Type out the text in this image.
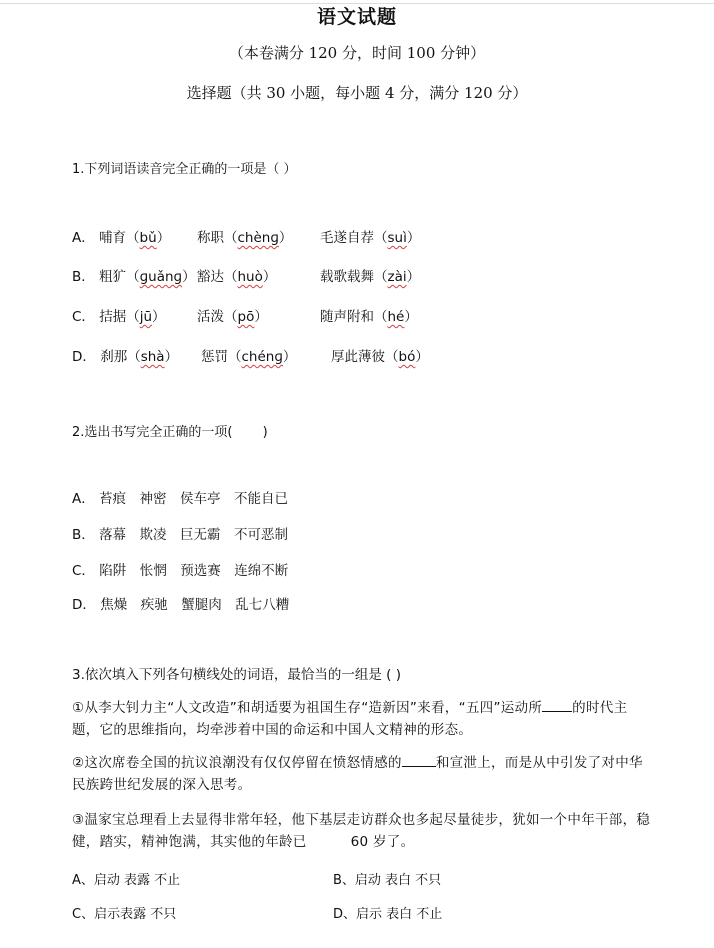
语文试题
（本卷满分 120 分，时间 100 分钟）
选择题（共 30 小题，每小题 4 分，满分 120 分）
1.下列词语读音完全正确的一项是（ ）
A． 哺育（bǔ） 称职（chènɡ） 毛遂自荐（suì）
B． 粗犷（ɡuǎnɡ） 豁达（huò）	载歌载舞（zài）
C． 拮据（jū） 活泼（pō）	随声附和（hé）
D． 刹那（shà） 惩罚（chénɡ）	厚此薄彼（bó）
2.选出书写完全正确的一项(　　 )
A． 苔痕　神密　侯车亭　不能自已
B． 落幕　欺凌　巨无霸　不可恶制
C． 陷阱　怅惘　预选赛　连绵不断
D． 焦燥　疾驰　蟹腿肉　乱七八糟
3.依次填入下列各句横线处的词语，最恰当的一组是 ( )
①从李大钊力主“人文改造”和胡适要为祖国生存“造新因”来看，“五四”运动所 的时代主题，它的思维指向，均牵涉着中国的命运和中国人文精神的形态。
②这次席卷全国的抗议浪潮没有仅仅停留在愤怒情感的	和宣泄上，而是从中引发了对中华民族跨世纪发展的深入思考。
③温家宝总理看上去显得非常年轻，他下基层走访群众也多起尽量徒步，犹如一个中年干部，稳健，踏实，精神饱满，其实他的年龄已	60 岁了。
A、启动 表露 不止	B、启动 表白 不只
C、启示表露 不只	D、启示 表白 不止
